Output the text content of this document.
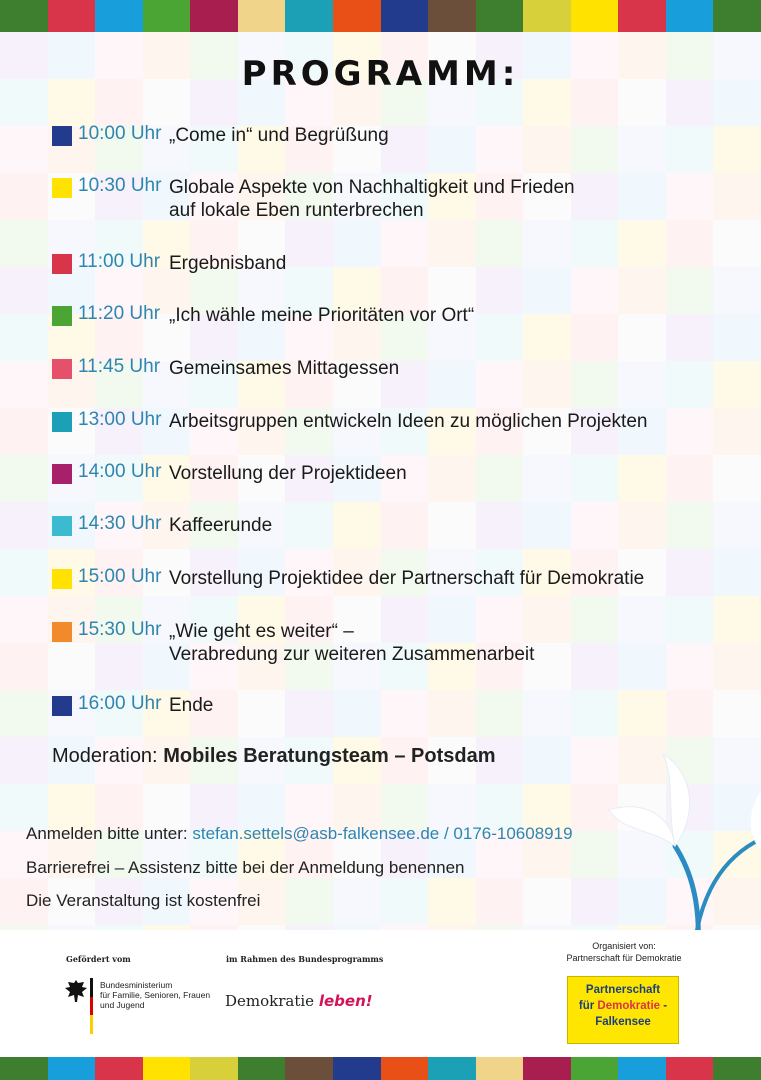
PROGRAMM:
10:00 Uhr „Come in“ und Begrüßung
10:30 Uhr Globale Aspekte von Nachhaltigkeit und Frieden
auf lokale Eben runterbrechen
11:00 Uhr Ergebnisband
11:20 Uhr „Ich wähle meine Prioritäten vor Ort“
11:45 Uhr Gemeinsames Mittagessen
13:00 Uhr Arbeitsgruppen entwickeln Ideen zu möglichen Projekten
14:00 Uhr Vorstellung der Projektideen
14:30 Uhr Kaffeerunde
15:00 Uhr Vorstellung Projektidee der Partnerschaft für Demokratie
15:30 Uhr „Wie geht es weiter“ –
Verabredung zur weiteren Zusammenarbeit
16:00 Uhr Ende
Moderation: Mobiles Beratungsteam – Potsdam
Anmelden bitte unter: stefan.settels@asb-falkensee.de / 0176-10608919
Barrierefrei – Assistenz bitte bei der Anmeldung benennen
Die Veranstaltung ist kostenfrei
Gefördert vom
Bundesministerium
für Familie, Senioren, Frauen
und Jugend
im Rahmen des Bundesprogramms
Demokratie leben!
Organisiert von:
Partnerschaft für Demokratie
Partnerschaft
für Demokratie -
Falkensee
